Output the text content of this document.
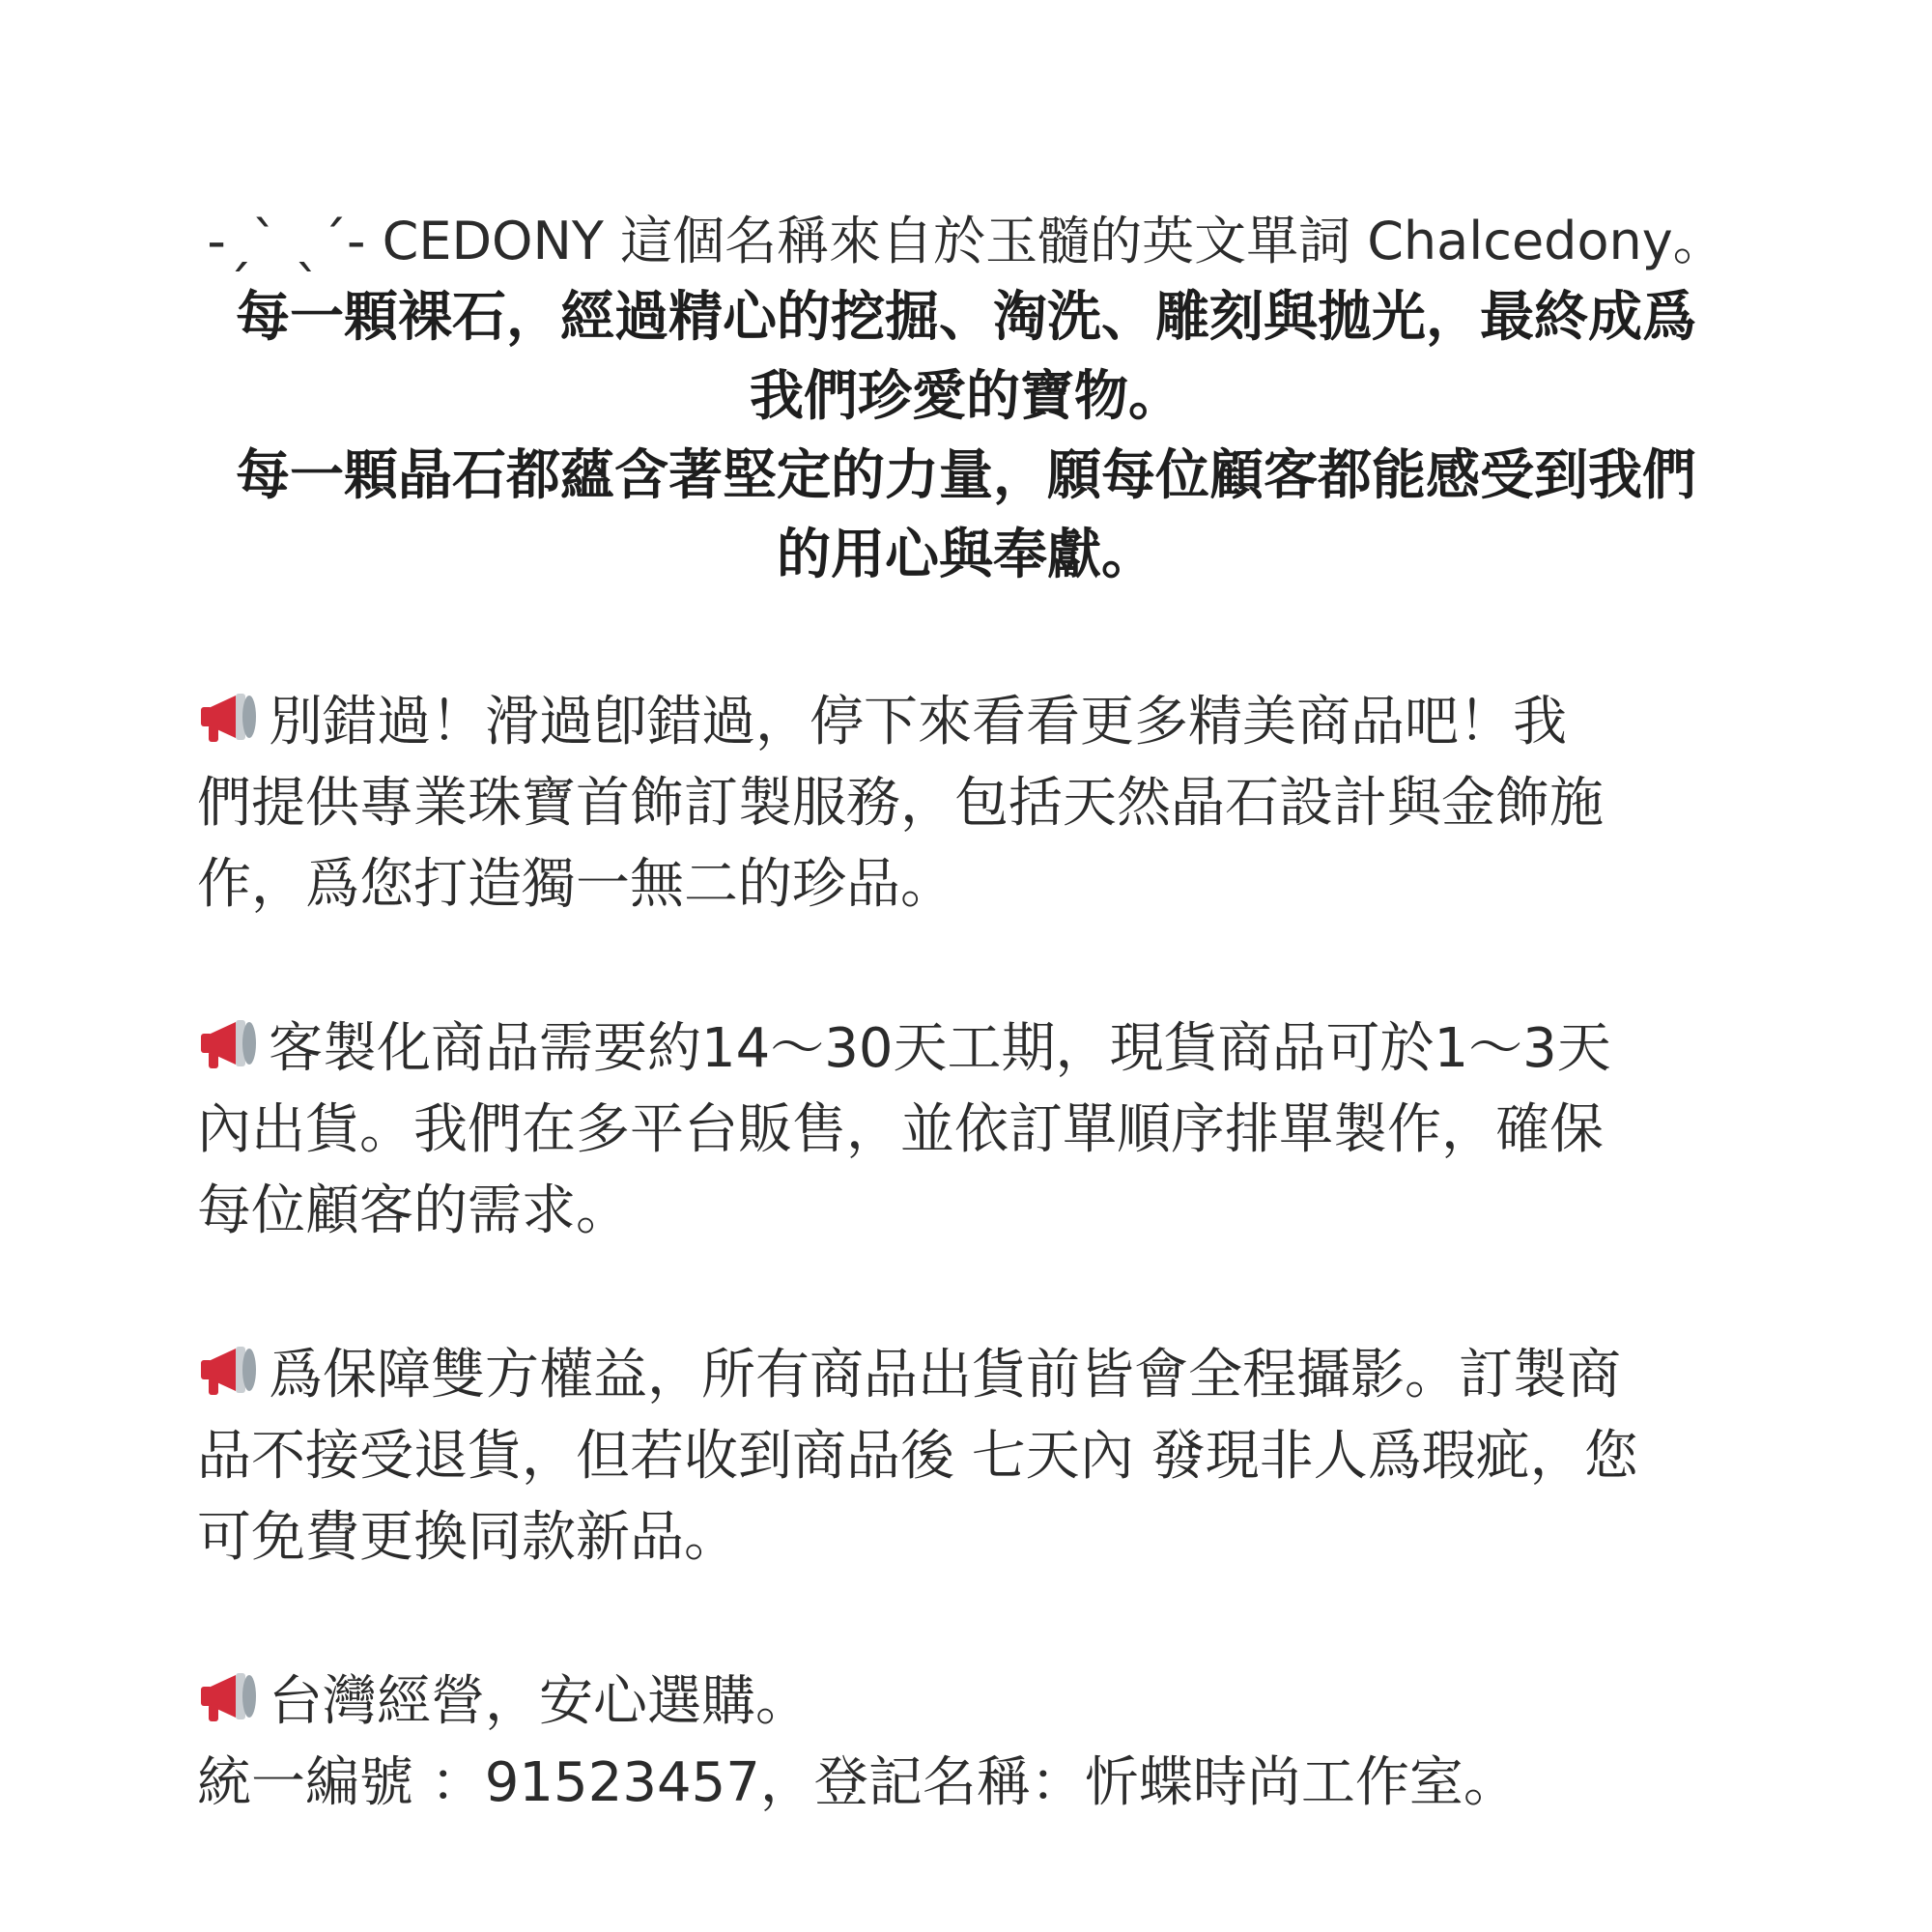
-ˏˋ ˎˊ- CEDONY 這個名稱來自於玉髓的英文單詞 Chalcedony。
每一顆裸石，經過精心的挖掘、淘洗、雕刻與拋光，最終成爲
我們珍愛的寶物。
每一顆晶石都蘊含著堅定的力量，願每位顧客都能感受到我們
的用心與奉獻。
別錯過！滑過卽錯過，停下來看看更多精美商品吧！我
們提供專業珠寶首飾訂製服務，包括天然晶石設計與金飾施
作，爲您打造獨一無二的珍品。
客製化商品需要約14～30天工期，現貨商品可於1～3天
內出貨。我們在多平台販售，並依訂單順序排單製作，確保
每位顧客的需求。
爲保障雙方權益，所有商品出貨前皆會全程攝影。訂製商
品不接受退貨，但若收到商品後 七天內 發現非人爲瑕疵，您
可免費更換同款新品。
台灣經營，安心選購。
統一編號 ：91523457，登記名稱：忻蝶時尚工作室。
